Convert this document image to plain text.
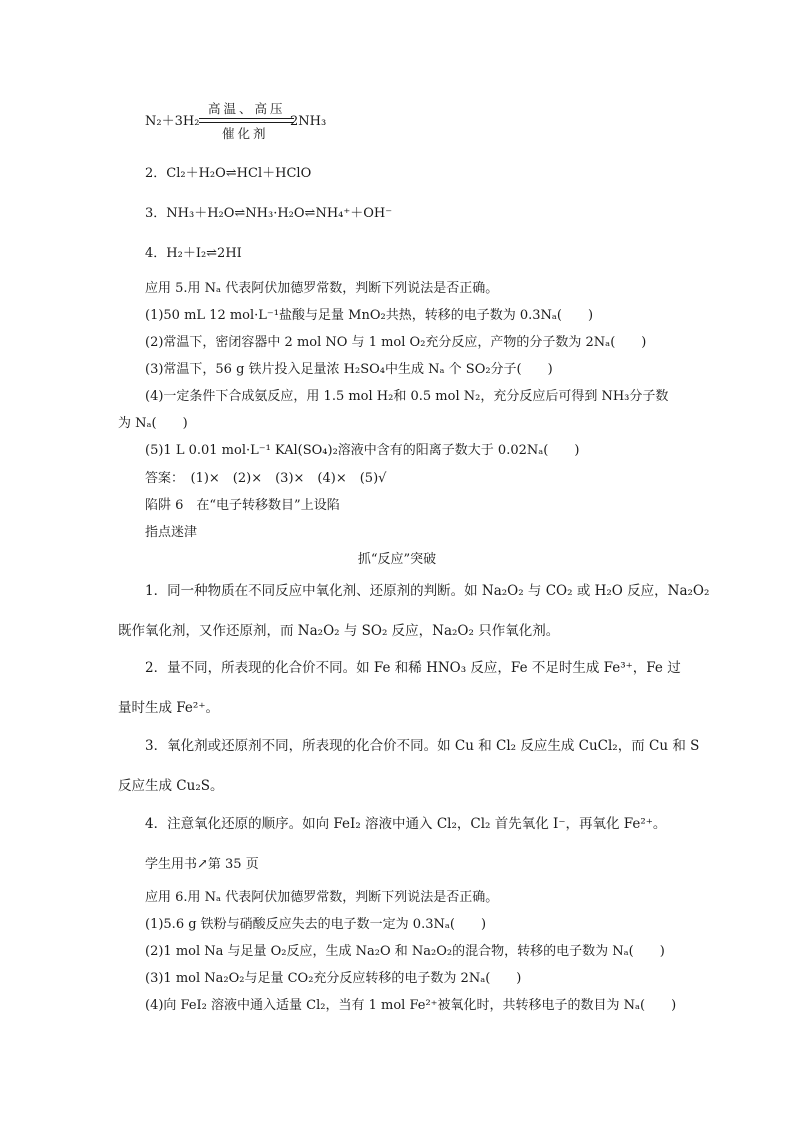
N₂＋3H₂
高温、高压
催化剂
2NH₃
2．Cl₂＋H₂O⇌HCl＋HClO
3．NH₃＋H₂O⇌NH₃·H₂O⇌NH₄⁺＋OH⁻
4．H₂＋I₂⇌2HI
应用 5.用 Nₐ 代表阿伏加德罗常数，判断下列说法是否正确。
(1)50 mL 12 mol·L⁻¹盐酸与足量 MnO₂共热，转移的电子数为 0.3Nₐ(　　)
(2)常温下，密闭容器中 2 mol NO 与 1 mol O₂充分反应，产物的分子数为 2Nₐ(　　)
(3)常温下，56 g 铁片投入足量浓 H₂SO₄中生成 Nₐ 个 SO₂分子(　　)
(4)一定条件下合成氨反应，用 1.5 mol H₂和 0.5 mol N₂，充分反应后可得到 NH₃分子数
为 Nₐ(　　)
(5)1 L 0.01 mol·L⁻¹ KAl(SO₄)₂溶液中含有的阳离子数大于 0.02Nₐ(　　)
答案：　(1)×　(2)×　(3)×　(4)×　(5)√
陷阱 6　在“电子转移数目”上设陷
指点迷津
抓“反应”突破
1．同一种物质在不同反应中氧化剂、还原剂的判断。如 Na₂O₂ 与 CO₂ 或 H₂O 反应，Na₂O₂
既作氧化剂，又作还原剂，而 Na₂O₂ 与 SO₂ 反应，Na₂O₂ 只作氧化剂。
2．量不同，所表现的化合价不同。如 Fe 和稀 HNO₃ 反应，Fe 不足时生成 Fe³⁺，Fe 过
量时生成 Fe²⁺。
3．氧化剂或还原剂不同，所表现的化合价不同。如 Cu 和 Cl₂ 反应生成 CuCl₂，而 Cu 和 S
反应生成 Cu₂S。
4．注意氧化还原的顺序。如向 FeI₂ 溶液中通入 Cl₂，Cl₂ 首先氧化 I⁻，再氧化 Fe²⁺。
学生用书↗第 35 页
应用 6.用 Nₐ 代表阿伏加德罗常数，判断下列说法是否正确。
(1)5.6 g 铁粉与硝酸反应失去的电子数一定为 0.3Nₐ(　　)
(2)1 mol Na 与足量 O₂反应，生成 Na₂O 和 Na₂O₂的混合物，转移的电子数为 Nₐ(　　)
(3)1 mol Na₂O₂与足量 CO₂充分反应转移的电子数为 2Nₐ(　　)
(4)向 FeI₂ 溶液中通入适量 Cl₂，当有 1 mol Fe²⁺被氧化时，共转移电子的数目为 Nₐ(　　)
